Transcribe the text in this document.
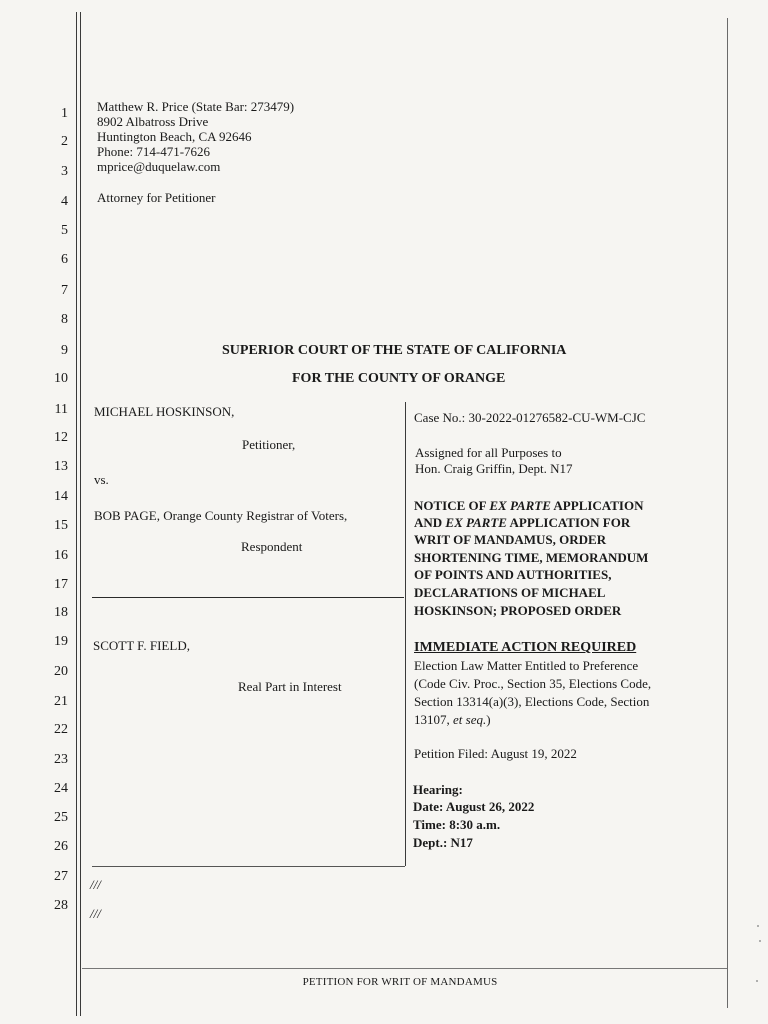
1
2
3
4
5
6
7
8
9
10
11
12
13
14
15
16
17
18
19
20
21
22
23
24
25
26
27
28
Matthew R. Price (State Bar: 273479)
8902 Albatross Drive
Huntington Beach, CA 92646
Phone: 714-471-7626
mprice@duquelaw.com
Attorney for Petitioner
SUPERIOR COURT OF THE STATE OF CALIFORNIA
FOR THE COUNTY OF ORANGE
MICHAEL HOSKINSON,
Petitioner,
vs.
BOB PAGE, Orange County Registrar of Voters,
Respondent
SCOTT F. FIELD,
Real Part in Interest
Case No.: 30-2022-01276582-CU-WM-CJC
Assigned for all Purposes to
Hon. Craig Griffin, Dept. N17
NOTICE OF EX PARTE APPLICATION
AND EX PARTE APPLICATION FOR
WRIT OF MANDAMUS, ORDER
SHORTENING TIME, MEMORANDUM
OF POINTS AND AUTHORITIES,
DECLARATIONS OF MICHAEL
HOSKINSON; PROPOSED ORDER
IMMEDIATE ACTION REQUIRED
Election Law Matter Entitled to Preference
(Code Civ. Proc., Section 35, Elections Code,
Section 13314(a)(3), Elections Code, Section
13107, et seq.)
Petition Filed: August 19, 2022
Hearing:
Date: August 26, 2022
Time: 8:30 a.m.
Dept.: N17
///
///
PETITION FOR WRIT OF MANDAMUS
